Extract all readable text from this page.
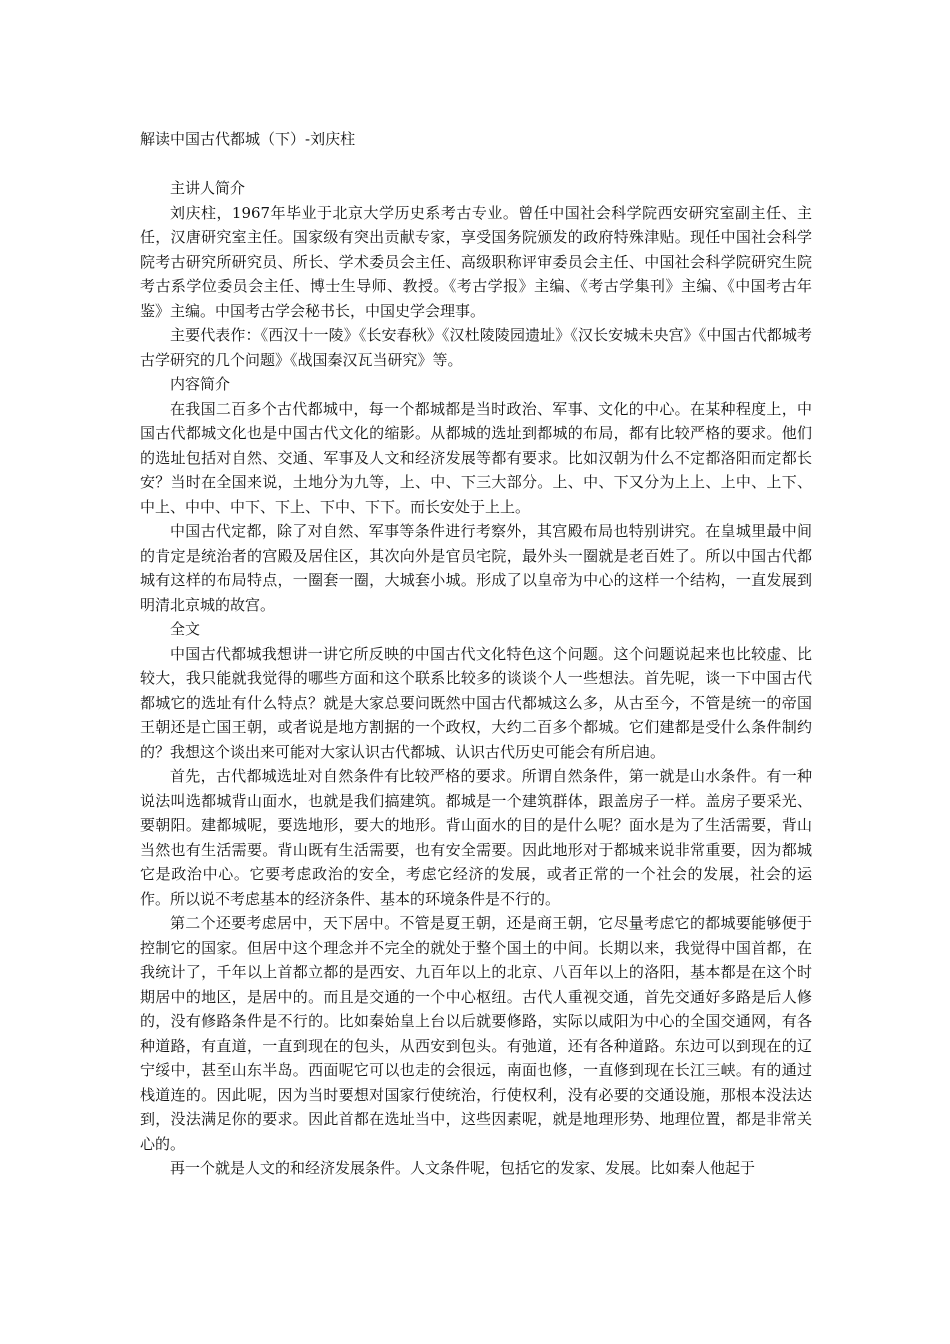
解读中国古代都城（下）-刘庆柱
主讲人简介

刘庆柱，1967年毕业于北京大学历史系考古专业。曾任中国社会科学院西安研究室副主任、主任，汉唐研究室主任。国家级有突出贡献专家，享受国务院颁发的政府特殊津贴。现任中国社会科学院考古研究所研究员、所长、学术委员会主任、高级职称评审委员会主任、中国社会科学院研究生院考古系学位委员会主任、博士生导师、教授。《考古学报》主编、《考古学集刊》主编、《中国考古年鉴》主编。中国考古学会秘书长，中国史学会理事。

主要代表作：《西汉十一陵》《长安春秋》《汉杜陵陵园遗址》《汉长安城未央宫》《中国古代都城考古学研究的几个问题》《战国秦汉瓦当研究》等。

内容简介

在我国二百多个古代都城中，每一个都城都是当时政治、军事、文化的中心。在某种程度上，中国古代都城文化也是中国古代文化的缩影。从都城的选址到都城的布局，都有比较严格的要求。他们的选址包括对自然、交通、军事及人文和经济发展等都有要求。比如汉朝为什么不定都洛阳而定都长安？当时在全国来说，土地分为九等，上、中、下三大部分。上、中、下又分为上上、上中、上下、中上、中中、中下、下上、下中、下下。而长安处于上上。

中国古代定都，除了对自然、军事等条件进行考察外，其宫殿布局也特别讲究。在皇城里最中间的肯定是统治者的宫殿及居住区，其次向外是官员宅院，最外头一圈就是老百姓了。所以中国古代都城有这样的布局特点，一圈套一圈，大城套小城。形成了以皇帝为中心的这样一个结构，一直发展到明清北京城的故宫。

全文

中国古代都城我想讲一讲它所反映的中国古代文化特色这个问题。这个问题说起来也比较虚、比较大，我只能就我觉得的哪些方面和这个联系比较多的谈谈个人一些想法。首先呢，谈一下中国古代都城它的选址有什么特点？就是大家总要问既然中国古代都城这么多，从古至今，不管是统一的帝国王朝还是亡国王朝，或者说是地方割据的一个政权，大约二百多个都城。它们建都是受什么条件制约的？我想这个谈出来可能对大家认识古代都城、认识古代历史可能会有所启迪。

首先，古代都城选址对自然条件有比较严格的要求。所谓自然条件，第一就是山水条件。有一种说法叫选都城背山面水，也就是我们搞建筑。都城是一个建筑群体，跟盖房子一样。盖房子要采光、要朝阳。建都城呢，要选地形，要大的地形。背山面水的目的是什么呢？面水是为了生活需要，背山当然也有生活需要。背山既有生活需要，也有安全需要。因此地形对于都城来说非常重要，因为都城它是政治中心。它要考虑政治的安全，考虑它经济的发展，或者正常的一个社会的发展，社会的运作。所以说不考虑基本的经济条件、基本的环境条件是不行的。

第二个还要考虑居中，天下居中。不管是夏王朝，还是商王朝，它尽量考虑它的都城要能够便于控制它的国家。但居中这个理念并不完全的就处于整个国土的中间。长期以来，我觉得中国首都，在我统计了，千年以上首都立都的是西安、九百年以上的北京、八百年以上的洛阳，基本都是在这个时期居中的地区，是居中的。而且是交通的一个中心枢纽。古代人重视交通，首先交通好多路是后人修的，没有修路条件是不行的。比如秦始皇上台以后就要修路，实际以咸阳为中心的全国交通网，有各种道路，有直道，一直到现在的包头，从西安到包头。有弛道，还有各种道路。东边可以到现在的辽宁绥中，甚至山东半岛。西面呢它可以也走的会很远，南面也修，一直修到现在长江三峡。有的通过栈道连的。因此呢，因为当时要想对国家行使统治，行使权利，没有必要的交通设施，那根本没法达到，没法满足你的要求。因此首都在选址当中，这些因素呢，就是地理形势、地理位置，都是非常关心的。

再一个就是人文的和经济发展条件。人文条件呢，包括它的发家、发展。比如秦人他起于
